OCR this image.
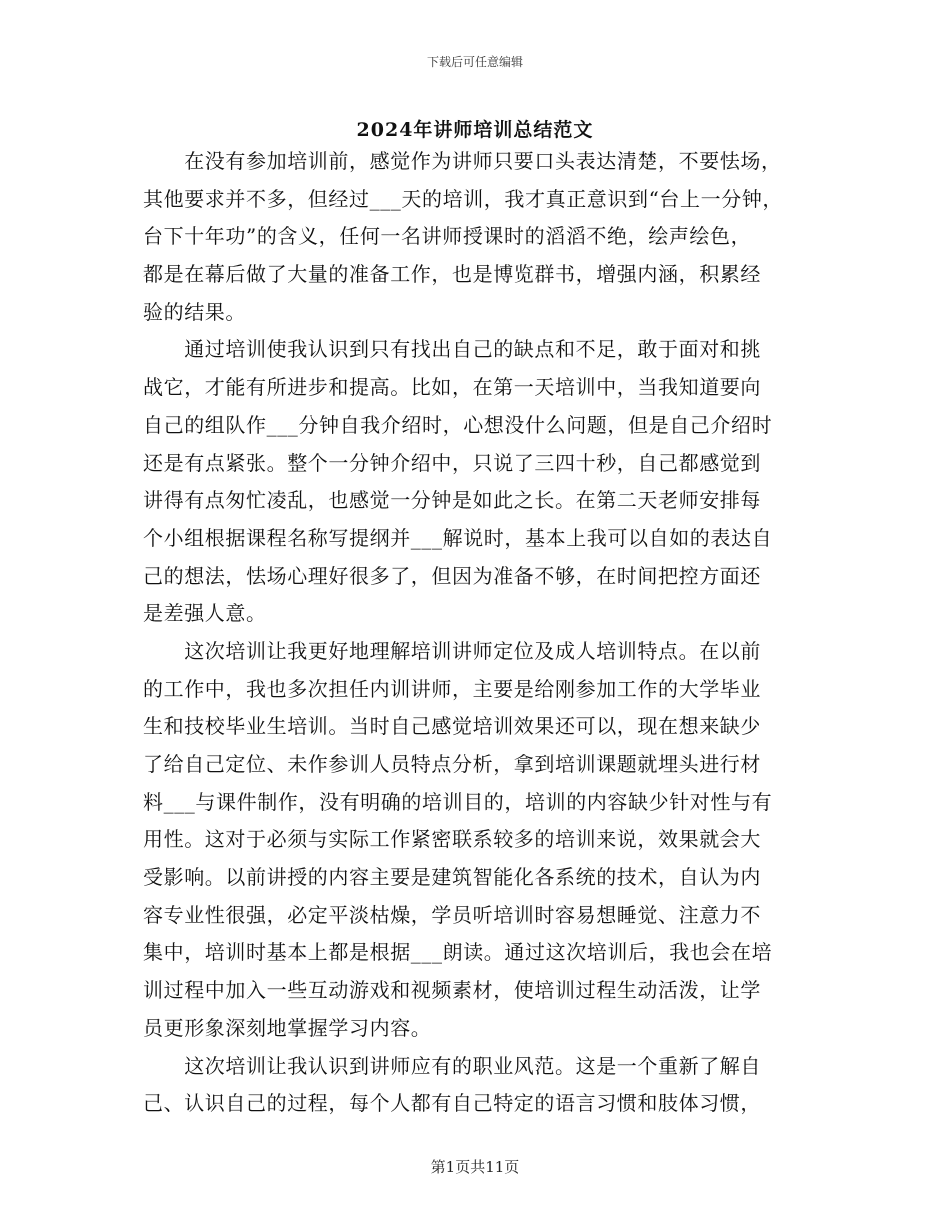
下载后可任意编辑
2024年讲师培训总结范文
　　在没有参加培训前，感觉作为讲师只要口头表达清楚，不要怯场，
其他要求并不多，但经过___天的培训，我才真正意识到“台上一分钟，
台下十年功”的含义，任何一名讲师授课时的滔滔不绝，绘声绘色，
都是在幕后做了大量的准备工作，也是博览群书，增强内涵，积累经
验的结果。
　　通过培训使我认识到只有找出自己的缺点和不足，敢于面对和挑
战它，才能有所进步和提高。比如，在第一天培训中，当我知道要向
自己的组队作___分钟自我介绍时，心想没什么问题，但是自己介绍时
还是有点紧张。整个一分钟介绍中，只说了三四十秒，自己都感觉到
讲得有点匆忙凌乱，也感觉一分钟是如此之长。在第二天老师安排每
个小组根据课程名称写提纲并___解说时，基本上我可以自如的表达自
己的想法，怯场心理好很多了，但因为准备不够，在时间把控方面还
是差强人意。
　　这次培训让我更好地理解培训讲师定位及成人培训特点。在以前
的工作中，我也多次担任内训讲师，主要是给刚参加工作的大学毕业
生和技校毕业生培训。当时自己感觉培训效果还可以，现在想来缺少
了给自己定位、未作参训人员特点分析，拿到培训课题就埋头进行材
料___与课件制作，没有明确的培训目的，培训的内容缺少针对性与有
用性。这对于必须与实际工作紧密联系较多的培训来说，效果就会大
受影响。以前讲授的内容主要是建筑智能化各系统的技术，自认为内
容专业性很强，必定平淡枯燥，学员听培训时容易想睡觉、注意力不
集中，培训时基本上都是根据___朗读。通过这次培训后，我也会在培
训过程中加入一些互动游戏和视频素材，使培训过程生动活泼，让学
员更形象深刻地掌握学习内容。
　　这次培训让我认识到讲师应有的职业风范。这是一个重新了解自
己、认识自己的过程，每个人都有自己特定的语言习惯和肢体习惯，
第1页共11页
